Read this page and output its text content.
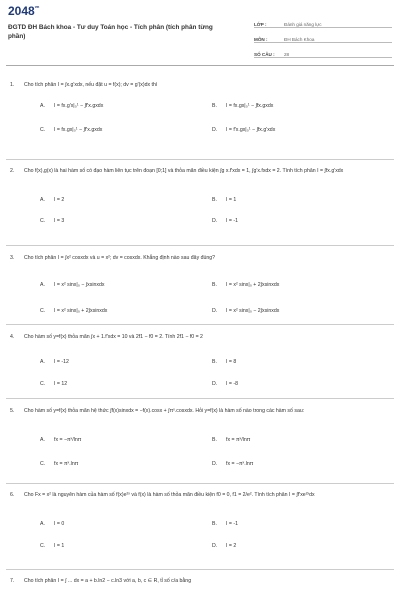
$2048^{vn}$
ĐGTD ĐH Bách khoa - Tư duy Toán học - Tích phân (tích phân từng phần)
LỚP :	Đánh giá năng lực
MÔN :	ĐH Bách Khoa
SỐ CÂU :	28
1. Cho tích phân I = ∫x.g'xdx, nếu đặt u = f(x); dv = g'(x)dx thì
A. I = fx.g'x|₀¹ − ∫f'x.gxdx	B. I = fx.gx|₀¹ − ∫fx.gxdx
C. I = fx.gx|₀¹ − ∫f'x.gxdx	D. I = f'x.gx|₀¹ − ∫fx.g'xdx
2. Cho f(x),g(x) là hai hàm số có đạo hàm liên tục trên đoạn [0;1] và thỏa mãn điều kiện ∫g x.f'xdx = 1, ∫g'x.fxdx = 2. Tính tích phân I = ∫fx.g'xdx
A. I = 2	B. I = 1
C. I = 3	D. I = -1
3. Cho tích phân I = ∫x² cosxdx và u = x²; dv = cosxdx. Khẳng định nào sau đây đúng?
A. I = x² sinx|₀ − ∫xsinxdx	B. I = x² sinx|₀ + 2∫xsinxdx
C. I = x² sinx|₀ + 2∫xsinxdx	D. I = x² sinx|₀ − 2∫xsinxdx
4. Cho hàm số y=f(x) thỏa mãn ∫x + 1.f'xdx = 10 và 2f1 − f0 = 2. Tính 2f1 − f0 = 2
A. I = -12	B. I = 8
C. I = 12	D. I = -8
5. Cho hàm số y=f(x) thỏa mãn hệ thức ∫f(x)sinxdx = −f(x).cosx + ∫πˣ.cosxdx. Hỏi y=f(x) là hàm số nào trong các hàm số sau:
A. fx = −πˣ/lnπ	B. fx = πˣ/lnπ
C. fx = πˣ.lnπ	D. fx = −πˣ.lnπ
6. Cho Fx = x² là nguyên hàm của hàm số f(x)e²ˣ và f(x) là hàm số thỏa mãn điều kiện f0 = 0, f1 = 2/e². Tính tích phân I = ∫f'xe²ˣdx
A. I = 0	B. I = -1
C. I = 1	D. I = 2
7. Cho tích phân I = ∫ ... dx = a + b.ln2 − c.ln3 với a, b, c ∈ R, tỉ số c/a bằng
